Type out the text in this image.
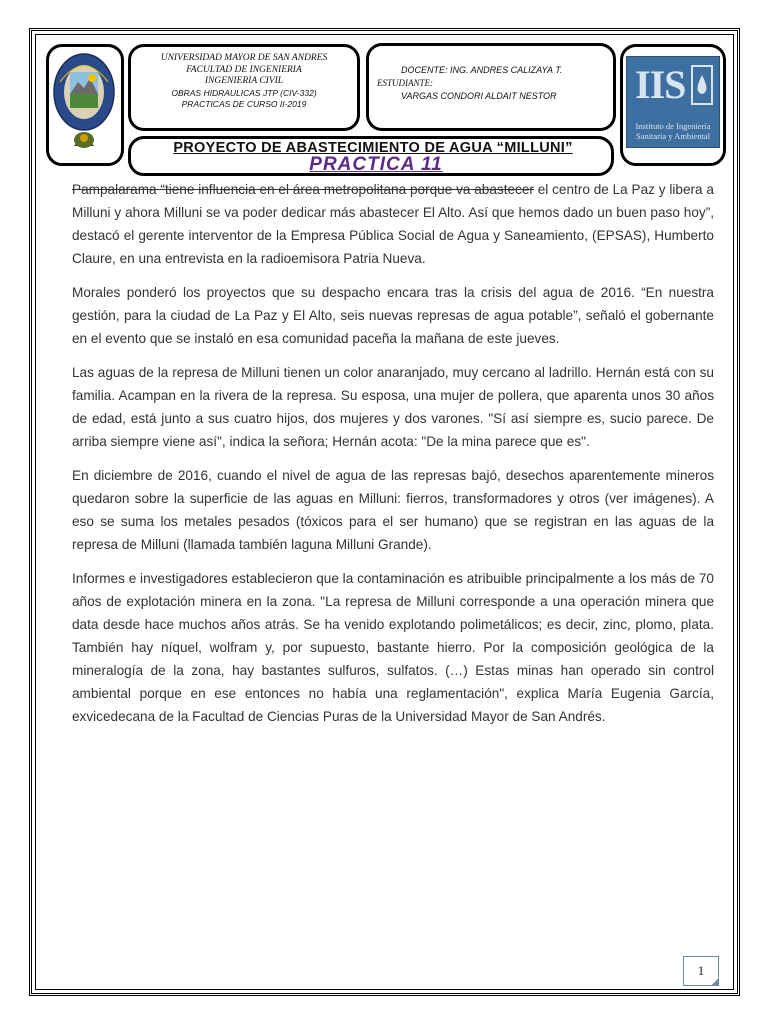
UNIVERSIDAD MAYOR DE SAN ANDRES
FACULTAD DE INGENIERIA
INGENIERIA CIVIL
OBRAS HIDRAULICAS JTP (CIV-332)
PRACTICAS DE CURSO II-2019
DOCENTE: ING. ANDRES CALIZAYA T.
ESTUDIANTE:
VARGAS CONDORI ALDAIT NESTOR	IIS
Instituto de Ingeniería
Sanitaria y Ambiental
PROYECTO DE ABASTECIMIENTO DE AGUA “MILLUNI”
PRACTICA 11

Pampalarama “tiene influencia en el área metropolitana porque va abastecer el centro de La Paz y libera a Milluni y ahora Milluni se va poder dedicar más abastecer El Alto. Así que hemos dado un buen paso hoy”, destacó el gerente interventor de la Empresa Pública Social de Agua y Saneamiento, (EPSAS), Humberto Claure, en una entrevista en la radioemisora Patria Nueva.

Morales ponderó los proyectos que su despacho encara tras la crisis del agua de 2016. “En nuestra gestión, para la ciudad de La Paz y El Alto, seis nuevas represas de agua potable”, señaló el gobernante en el evento que se instaló en esa comunidad paceña la mañana de este jueves.

Las aguas de la represa de Milluni tienen un color anaranjado, muy cercano al ladrillo. Hernán está con su familia. Acampan en la rivera de la represa. Su esposa, una mujer de pollera, que aparenta unos 30 años de edad, está junto a sus cuatro hijos, dos mujeres y dos varones. "Sí así siempre es, sucio parece. De arriba siempre viene así", indica la señora; Hernán acota: "De la mina parece que es".

En diciembre de 2016, cuando el nivel de agua de las represas bajó, desechos aparentemente mineros quedaron sobre la superficie de las aguas en Milluni: fierros, transformadores y otros (ver imágenes). A eso se suma los metales pesados (tóxicos para el ser humano) que se registran en las aguas de la represa de Milluni (llamada también laguna Milluni Grande).

Informes e investigadores establecieron que la contaminación es atribuible principalmente a los más de 70 años de explotación minera en la zona. "La represa de Milluni corresponde a una operación minera que data desde hace muchos años atrás. Se ha venido explotando polimetálicos; es decir, zinc, plomo, plata. También hay níquel, wolfram y, por supuesto, bastante hierro. Por la composición geológica de la mineralogía de la zona, hay bastantes sulfuros, sulfatos. (…) Estas minas han operado sin control ambiental porque en ese entonces no había una reglamentación", explica María Eugenia García, exvicedecana de la Facultad de Ciencias Puras de la Universidad Mayor de San Andrés.

1
